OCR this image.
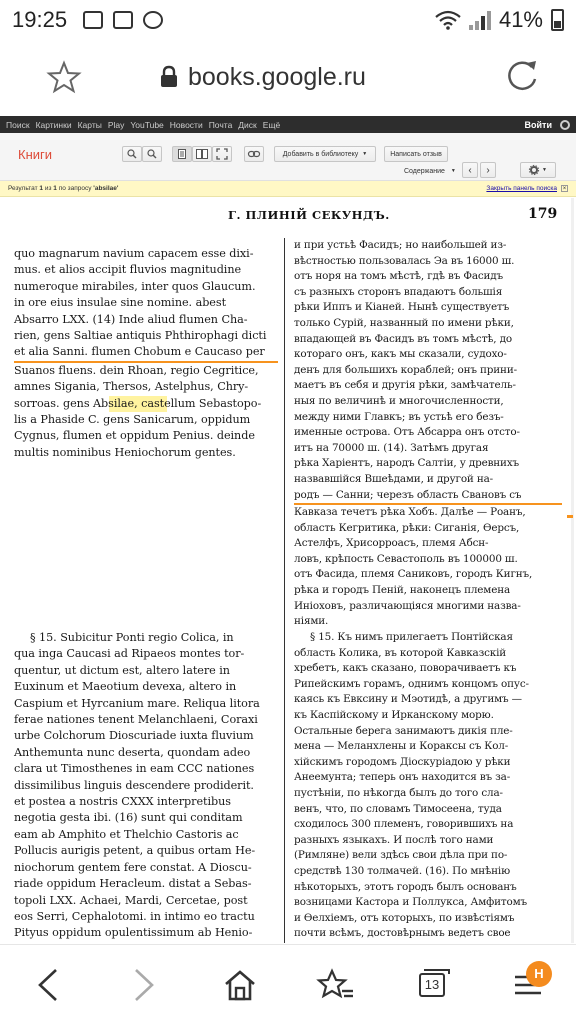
19:25	41%
books.google.ru
Поиск Картинки Карты Play YouTube Новости Почта Диск Ещё	Войти
Книги	Добавить в библиотеку ▼	Написать отзыв
Содержание ▼ ‹ ›	▼
Результат
1
из
1
по запросу
'absilae'	Закрыть панель поиска ×
Г. ПЛИНІЙ СЕКУНДЪ.	179
quo magnarum navium capacem esse dixi-
mus. et alios accipit fluvios magnitudine
numeroque mirabiles, inter quos Glaucum.
in ore eius insulae sine nomine. abest
Absarro LXX. (14) Inde aliud flumen Cha-
rien, gens Saltiae antiquis Phthirophagi dicti
et alia Sanni. flumen Chobum e Caucaso per
Suanos fluens. dein Rhoan, regio Cegritice,
amnes Sigania, Thersos, Astelphus, Chry-
sorroas. gens Absilae, castellum Sebastopo-
lis a Phaside C. gens Sanicarum, oppidum
Cygnus, flumen et oppidum Penius. deinde
multis nominibus Heniochorum gentes.
§ 15. Subicitur Ponti regio Colica, in
qua inga Caucasi ad Ripaeos montes tor-
quentur, ut dictum est, altero latere in
Euxinum et Maeotium devexa, altero in
Caspium et Hyrcanium mare. Reliqua litora
ferae nationes tenent Melanchlaeni, Coraxi
urbe Colchorum Dioscuriade iuxta fluvium
Anthemunta nunc deserta, quondam adeo
clara ut Timosthenes in eam CCC nationes
dissimilibus linguis descendere prodiderit.
et postea a nostris CXXX interpretibus
negotia gesta ibi. (16) sunt qui conditam
eam ab Amphito et Thelchio Castoris ac
Pollucis aurigis petent, a quibus ortam He-
niochorum gentem fere constat. A Dioscu-
riade oppidum Heracleum. distat a Sebas-
topoli LXX. Achaei, Mardi, Cercetae, post
eos Serri, Cephalotomi. in intimo eo tractu
Pityus oppidum opulentissimum ab Henio-
и при устьѣ Фасидъ; но наибольшей из-
вѣстностью пользовалась Эа въ 16000 ш.
отъ норя на томъ мѣстѣ, гдѣ въ Фасидъ
съ разныхъ сторонъ впадаютъ большія
рѣки Иппъ и Кіаней. Нынѣ существуетъ
только Сурій, названный по имени рѣки,
впадающей въ Фасидъ въ томъ мѣстѣ, до
котораго онъ, какъ мы сказали, судохо-
денъ для большихъ кораблей; онъ прини-
маетъ въ себя и другія рѣки, замѣчатель-
ныя по величинѣ и многочисленности,
между ними Главкъ; въ устьѣ его безъ-
именные острова. Отъ Абсарра онъ отсто-
итъ на 70000 ш. (14). Затѣмъ другая
рѣка Харіентъ, народъ Салтіи, у древнихъ
назвавшійся Вшеѣдами, и другой на-
родъ — Санни; черезъ область Свановъ съ
Кавказа течетъ рѣка Хобъ. Далѣе — Роанъ,
область Кегритика, рѣки: Сиганія, Ѳерсъ,
Астелфъ, Хрисорроасъ, племя Абсн-
ловъ, крѣпость Севастополь въ 100000 ш.
отъ Фасида, племя Саниковъ, городъ Кигнъ,
рѣка и городъ Пеній, наконецъ племена
Иніоховъ, различающіяся многими назва-
ніями.
§ 15. Къ нимъ прилегаетъ Понтійская
область Колика, въ которой Кавказскій
хребетъ, какъ сказано, поворачиваетъ къ
Рипейскимъ горамъ, однимъ концомъ опус-
каясь къ Евксину и Мэотидѣ, а другимъ —
къ Каспійскому и Ирканскому морю.
Остальные берега занимаютъ дикія пле-
мена — Меланхлены и Кораксы съ Кол-
хійскимъ городомъ Діоскуріадою у рѣки
Анеемунта; теперь онъ находится въ за-
пустѣніи, по нѣкогда былъ до того сла-
венъ, что, по словамъ Тимосеена, туда
сходилось 300 племенъ, говорившихъ на
разныхъ языкахъ. И послѣ того нами
(Римляне) вели здѣсь свои дѣла при по-
средствѣ 130 толмачей. (16). По мнѣнію
нѣкоторыхъ, этотъ городъ былъ основанъ
возницами Кастора и Поллукса, Амфитомъ
и Өелхіемъ, отъ которыхъ, по извѣстіямъ
почти всѣмъ, достовѣрнымъ ведетъ свое
13
Н
